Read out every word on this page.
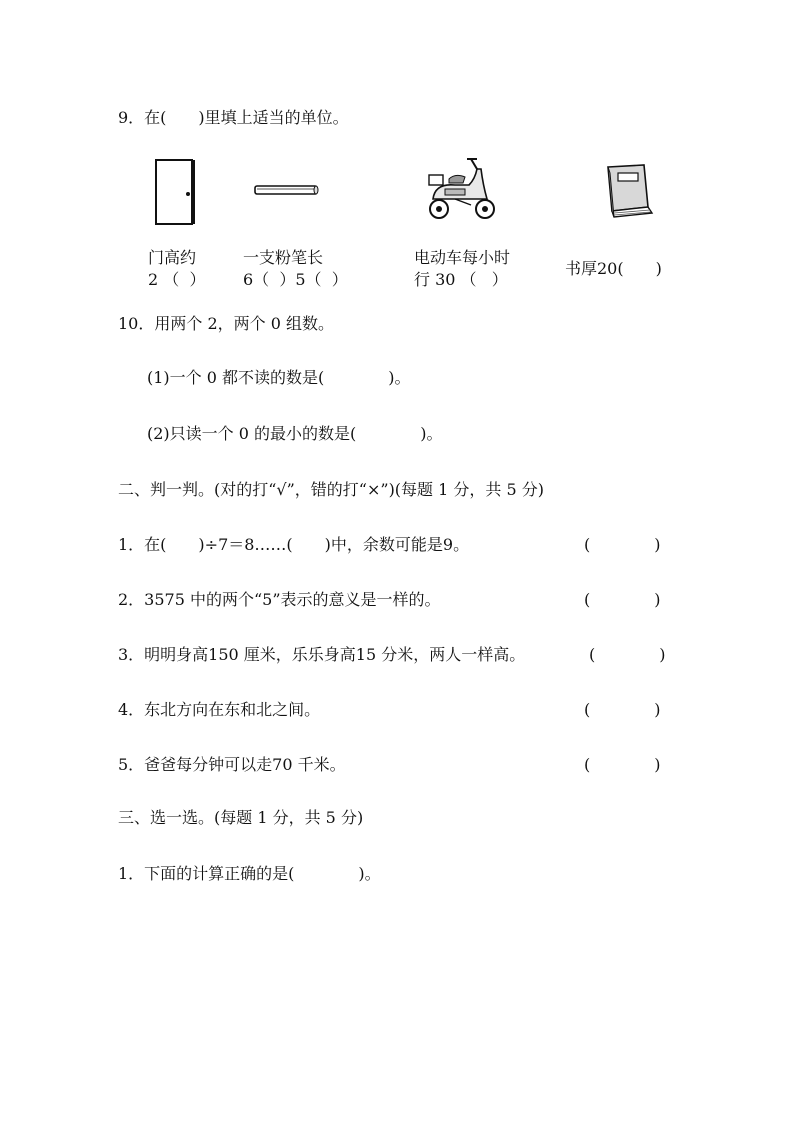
9．在(　　)里填上适当的单位。
门高约
2 （  ）
一支粉笔长
6（  ）5（  ）
电动车每小时
行 30 （   ）
书厚20(　　)
10．用两个 2，两个 0 组数。
(1)一个 0 都不读的数是(　　　　)。
(2)只读一个 0 的最小的数是(　　　　)。
二、判一判。(对的打“√”，错的打“×”)(每题 1 分，共 5 分)
1．在(　　)÷7＝8……(　　)中，余数可能是9。	(　　　　)
2．3575 中的两个“5”表示的意义是一样的。	(　　　　)
3．明明身高150 厘米，乐乐身高15 分米，两人一样高。	(　　　　)
4．东北方向在东和北之间。	(　　　　)
5．爸爸每分钟可以走70 千米。	(　　　　)
三、选一选。(每题 1 分，共 5 分)
1．下面的计算正确的是(　　　　)。
